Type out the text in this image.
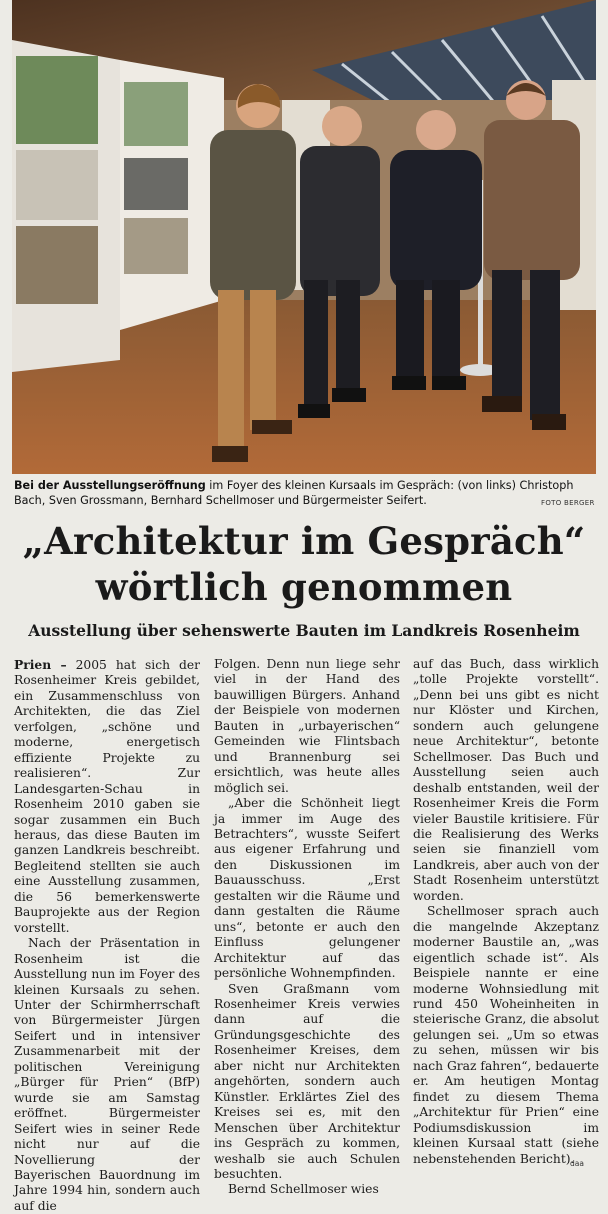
Bei der Ausstellungseröffnung im Foyer des kleinen Kursaals im Gespräch: (von links) Christoph Bach, Sven Grossmann, Bernhard Schellmoser und Bürgermeister Seifert.	FOTO BERGER
„Architektur im Gespräch“
wörtlich genommen
Ausstellung über sehenswerte Bauten im Landkreis Rosenheim

Prien – 2005 hat sich der Rosenheimer Kreis gebildet, ein Zusammenschluss von Architekten, die das Ziel verfolgen, „schöne und moderne, energetisch effiziente Projekte zu realisieren“. Zur Landesgarten-Schau in Rosenheim 2010 gaben sie sogar zusammen ein Buch heraus, das diese Bauten im ganzen Landkreis beschreibt. Begleitend stellten sie auch eine Ausstellung zusammen, die 56 bemerkenswerte Bauprojekte aus der Region vorstellt.

Nach der Präsentation in Rosenheim ist die Ausstellung nun im Foyer des kleinen Kursaals zu sehen. Unter der Schirmherrschaft von Bürgermeister Jürgen Seifert und in intensiver Zusammenarbeit mit der politischen Vereinigung „Bürger für Prien“ (BfP) wurde sie am Samstag eröffnet. Bürgermeister Seifert wies in seiner Rede nicht nur auf die Novellierung der Bayerischen Bauordnung im Jahre 1994 hin, sondern auch auf die

Folgen. Denn nun liege sehr viel in der Hand des bauwilligen Bürgers. Anhand der Beispiele von modernen Bauten in „urbayerischen“ Gemeinden wie Flintsbach und Brannenburg sei ersichtlich, was heute alles möglich sei.

„Aber die Schönheit liegt ja immer im Auge des Betrachters“, wusste Seifert aus eigener Erfahrung und den Diskussionen im Bauausschuss. „Erst gestalten wir die Räume und dann gestalten die Räume uns“, betonte er auch den Einfluss gelungener Architektur auf das persönliche Wohnempfinden.

Sven Graßmann vom Rosenheimer Kreis verwies dann auf die Gründungsgeschichte des Rosenheimer Kreises, dem aber nicht nur Architekten angehörten, sondern auch Künstler. Erklärtes Ziel des Kreises sei es, mit den Menschen über Architektur ins Gespräch zu kommen, weshalb sie auch Schulen besuchten.

Bernd Schellmoser wies

auf das Buch, dass wirklich „tolle Projekte vorstellt“. „Denn bei uns gibt es nicht nur Klöster und Kirchen, sondern auch gelungene neue Architektur“, betonte Schellmoser. Das Buch und Ausstellung seien auch deshalb entstanden, weil der Rosenheimer Kreis die Form vieler Baustile kritisiere. Für die Realisierung des Werks seien sie finanziell vom Landkreis, aber auch von der Stadt Rosenheim unterstützt worden.

Schellmoser sprach auch die mangelnde Akzeptanz moderner Baustile an, „was eigentlich schade ist“. Als Beispiele nannte er eine moderne Wohnsiedlung mit rund 450 Woheinheiten in steierische Granz, die absolut gelungen sei. „Um so etwas zu sehen, müssen wir bis nach Graz fahren“, bedauerte er. Am heutigen Montag findet zu diesem Thema „Architektur für Prien“ eine Podiumsdiskussion im kleinen Kursaal statt (siehe nebenstehenden Bericht).

daa
